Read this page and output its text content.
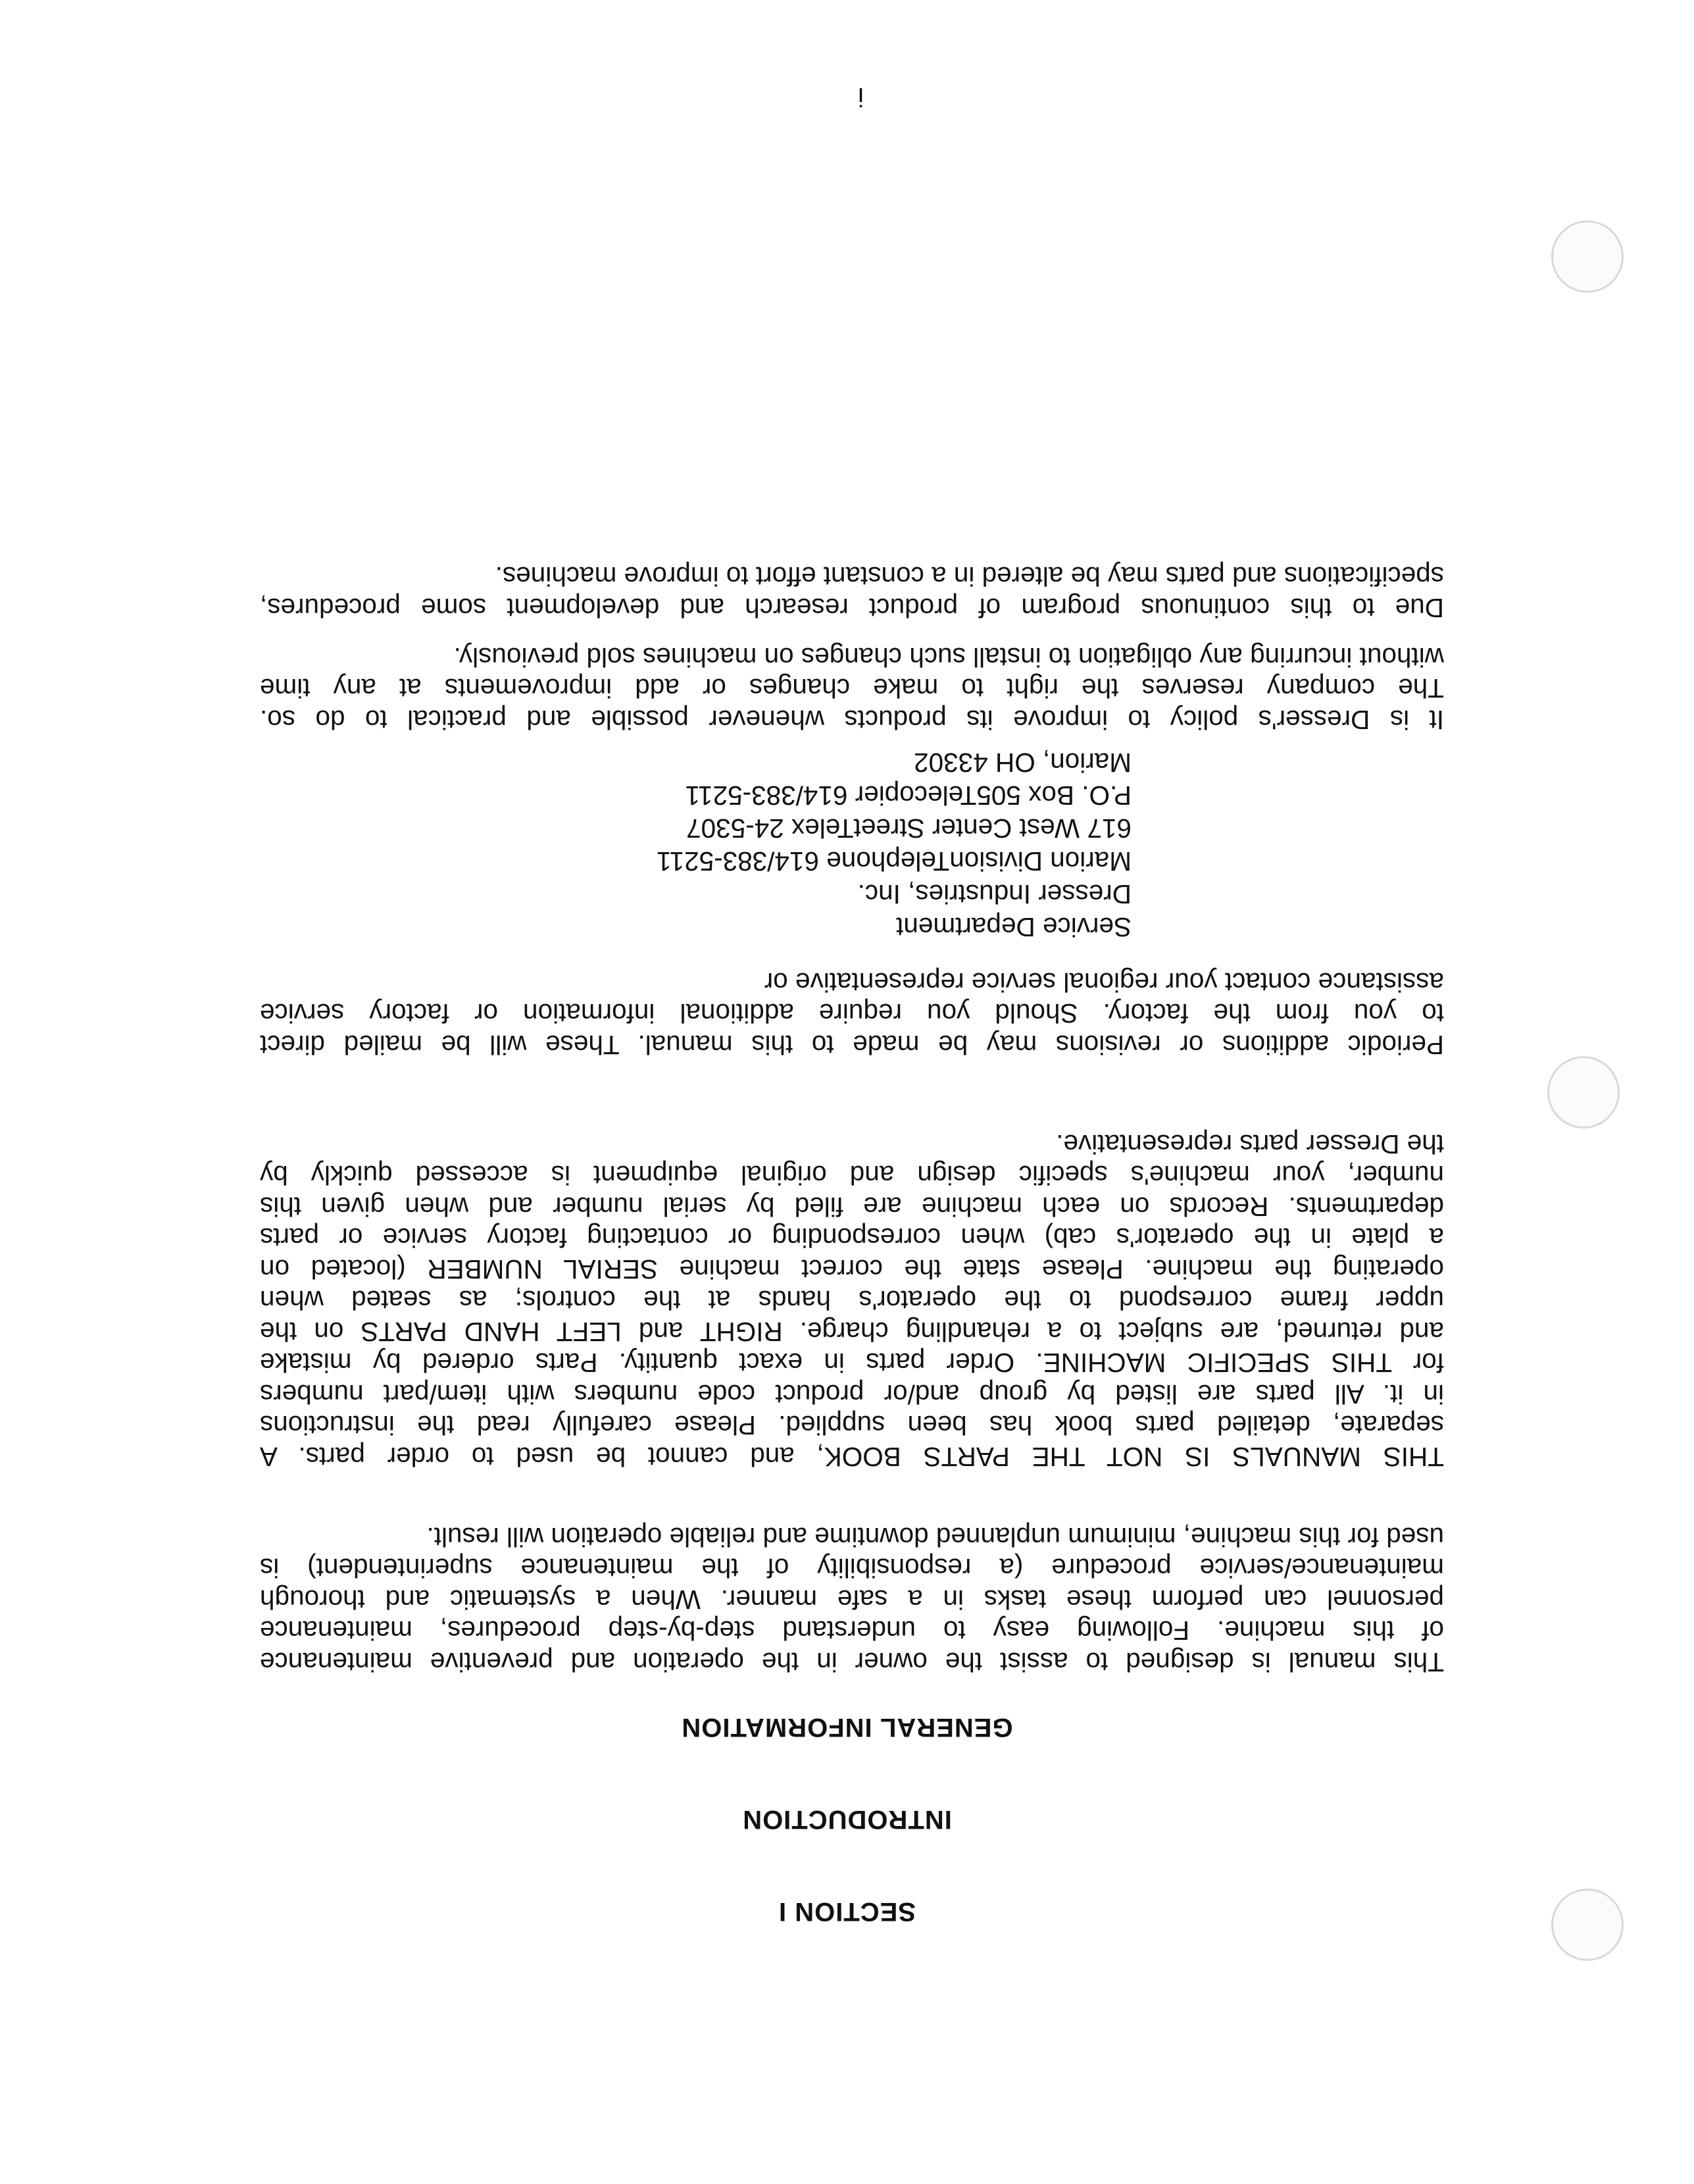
SECTION I
INTRODUCTION
GENERAL INFORMATION
This manual is designed to assist the owner in the operation and preventive maintenance
of this machine. Following easy to understand step-by-step procedures, maintenance
personnel can perform these tasks in a safe manner. When a systematic and thorough
maintenance/service procedure (a responsibility of the maintenance superintendent) is
used for this machine, minimum unplanned downtime and reliable operation will result.
THIS MANUALS IS NOT THE PARTS BOOK, and cannot be used to order parts. A
separate, detailed parts book has been supplied. Please carefully read the instructions
in it. All parts are listed by group and/or product code numbers with item/part numbers
for THIS SPECIFIC MACHINE. Order parts in exact quantity. Parts ordered by mistake
and returned, are subject to a rehandling charge. RIGHT and LEFT HAND PARTS on the
upper frame correspond to the operator's hands at the controls; as seated when
operating the machine. Please state the correct machine SERIAL NUMBER (located on
a plate in the operator's cab) when corresponding or contacting factory service or parts
departments. Records on each machine are filed by serial number and when given this
number, your machine's specific design and original equipment is accessed quickly by
the Dresser parts representative.
Periodic additions or revisions may be made to this manual. These will be mailed direct
to you from the factory. Should you require additional information or factory service
assistance contact your regional service representative or
Service Department
Dresser Industries, Inc.
Marion DivisionTelephone 614/383-5211
617 West Center StreetTelex 24-5307
P.O. Box 505Telecopier 614/383-5211
Marion, OH 43302
It is Dresser's policy to improve its products whenever possible and practical to do so.
The company reserves the right to make changes or add improvements at any time
without incurring any obligation to install such changes on machines sold previously.
Due to this continuous program of product research and development some procedures,
specifications and parts may be altered in a constant effort to improve machines.
i
